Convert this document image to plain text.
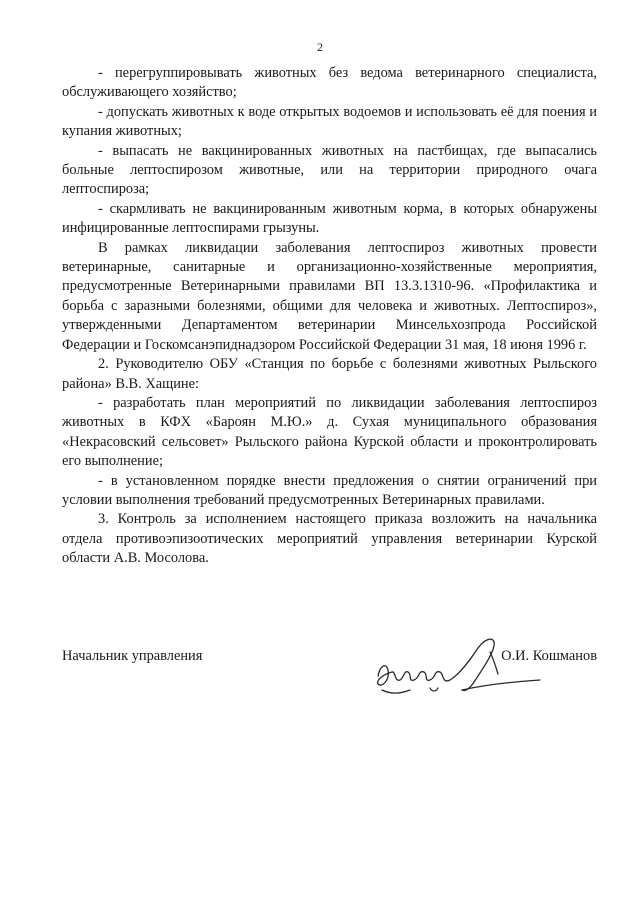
2

- перегруппировывать животных без ведома ветеринарного специалиста, обслуживающего хозяйство;

- допускать животных к воде открытых водоемов и использовать её для поения и купания животных;

- выпасать не вакцинированных животных на пастбищах, где выпасались больные лептоспирозом животные, или на территории природного очага лептоспироза;

- скармливать не вакцинированным животным корма, в которых обнаружены инфицированные лептоспирами грызуны.

В рамках ликвидации заболевания лептоспироз животных провести ветеринарные, санитарные и организационно-хозяйственные мероприятия, предусмотренные Ветеринарными правилами ВП 13.3.1310-96. «Профилактика и борьба с заразными болезнями, общими для человека и животных. Лептоспироз», утвержденными Департаментом ветеринарии Минсельхозпрода Российской Федерации и Госкомсанэпиднадзором Российской Федерации 31 мая, 18 июня 1996 г.

2. Руководителю ОБУ «Станция по борьбе с болезнями животных Рыльского района» В.В. Хащине:

- разработать план мероприятий по ликвидации заболевания лептоспироз животных в КФХ «Бароян М.Ю.» д. Сухая муниципального образования «Некрасовский сельсовет» Рыльского района Курской области и проконтролировать его выполнение;

- в установленном порядке внести предложения о снятии ограничений при условии выполнения требований предусмотренных Ветеринарных правилами.

3. Контроль за исполнением настоящего приказа возложить на начальника отдела противоэпизоотических мероприятий управления ветеринарии Курской области А.В. Мосолова.

Начальник управления	О.И. Кошманов
